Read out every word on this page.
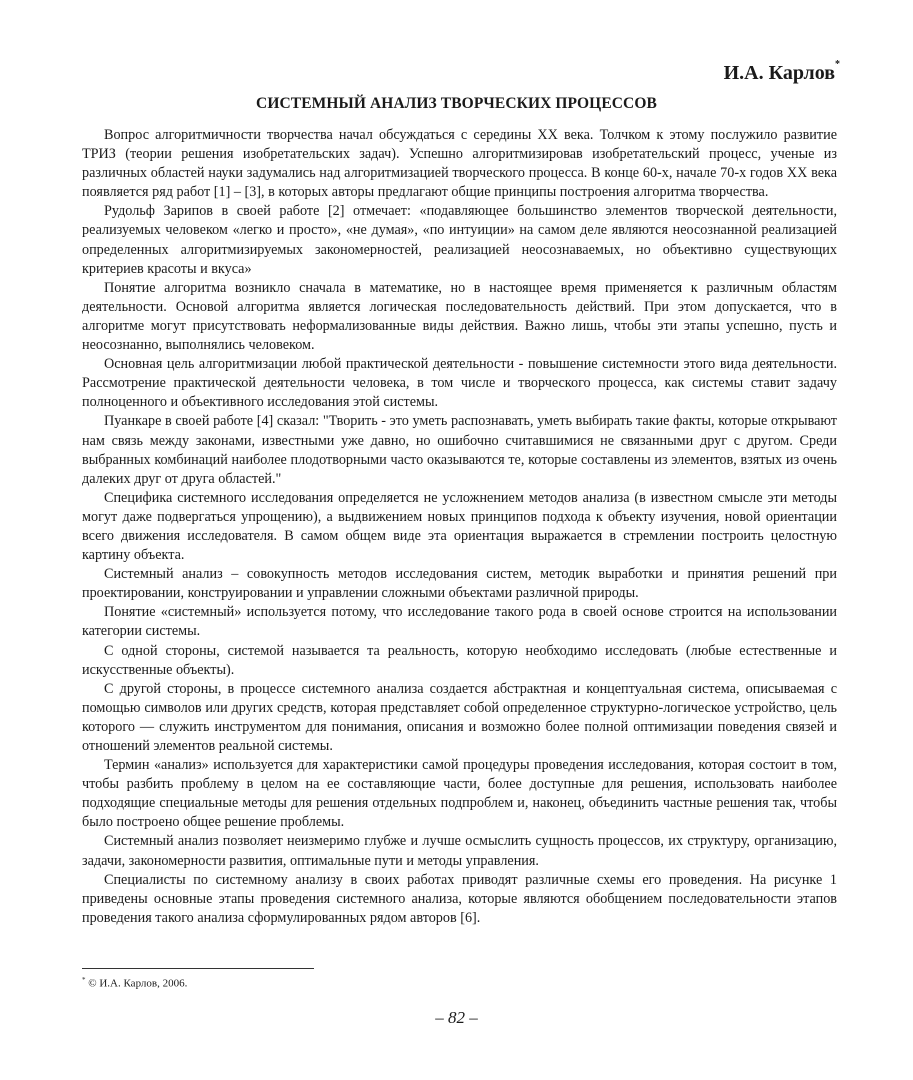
И.А. Карлов*
СИСТЕМНЫЙ АНАЛИЗ ТВОРЧЕСКИХ ПРОЦЕССОВ

Вопрос алгоритмичности творчества начал обсуждаться с середины XX века. Толчком к этому послужило развитие ТРИЗ (теории решения изобретательских задач). Успешно алгоритмизировав изобретательский процесс, ученые из различных областей науки задумались над алгоритмизацией творческого процесса. В конце 60-х, начале 70-х годов XX века появляется ряд работ [1] – [3], в которых авторы предлагают общие принципы построения алгоритма творчества.

Рудольф Зарипов в своей работе [2] отмечает: «подавляющее большинство элементов творческой деятельности, реализуемых человеком «легко и просто», «не думая», «по интуиции» на самом деле являются неосознанной реализацией определенных алгоритмизируемых закономерностей, реализацией неосознаваемых, но объективно существующих критериев красоты и вкуса»

Понятие алгоритма возникло сначала в математике, но в настоящее время применяется к различным областям деятельности. Основой алгоритма является логическая последовательность действий. При этом допускается, что в алгоритме могут присутствовать неформализованные виды действия. Важно лишь, чтобы эти этапы успешно, пусть и неосознанно, выполнялись человеком.

Основная цель алгоритмизации любой практической деятельности - повышение системности этого вида деятельности. Рассмотрение практической деятельности человека, в том числе и творческого процесса, как системы ставит задачу полноценного и объективного исследования этой системы.

Пуанкаре в своей работе [4] сказал: "Творить - это уметь распознавать, уметь выбирать такие факты, которые открывают нам связь между законами, известными уже давно, но ошибочно считавшимися не связанными друг с другом. Среди выбранных комбинаций наиболее плодотворными часто оказываются те, которые составлены из элементов, взятых из очень далеких друг от друга областей."

Специфика системного исследования определяется не усложнением методов анализа (в известном смысле эти методы могут даже подвергаться упрощению), а выдвижением новых принципов подхода к объекту изучения, новой ориентации всего движения исследователя. В самом общем виде эта ориентация выражается в стремлении построить целостную картину объекта.

Системный анализ – совокупность методов исследования систем, методик выработки и принятия решений при проектировании, конструировании и управлении сложными объектами различной природы.

Понятие «системный» используется потому, что исследование такого рода в своей основе строится на использовании категории системы.

С одной стороны, системой называется та реальность, которую необходимо исследовать (любые естественные и искусственные объекты).

С другой стороны, в процессе системного анализа создается абстрактная и концептуальная система, описываемая с помощью символов или других средств, которая представляет собой определенное структурно-логическое устройство, цель которого — служить инструментом для понимания, описания и возможно более полной оптимизации поведения связей и отношений элементов реальной системы.

Термин «анализ» используется для характеристики самой процедуры проведения исследования, которая состоит в том, чтобы разбить проблему в целом на ее составляющие части, более доступные для решения, использовать наиболее подходящие специальные методы для решения отдельных подпроблем и, наконец, объединить частные решения так, чтобы было построено общее решение проблемы.

Системный анализ позволяет неизмеримо глубже и лучше осмыслить сущность процессов, их структуру, организацию, задачи, закономерности развития, оптимальные пути и методы управления.

Специалисты по системному анализу в своих работах приводят различные схемы его проведения. На рисунке 1 приведены основные этапы проведения системного анализа, которые являются обобщением последовательности этапов проведения такого анализа сформулированных рядом авторов [6].

* © И.А. Карлов, 2006.
– 82 –
